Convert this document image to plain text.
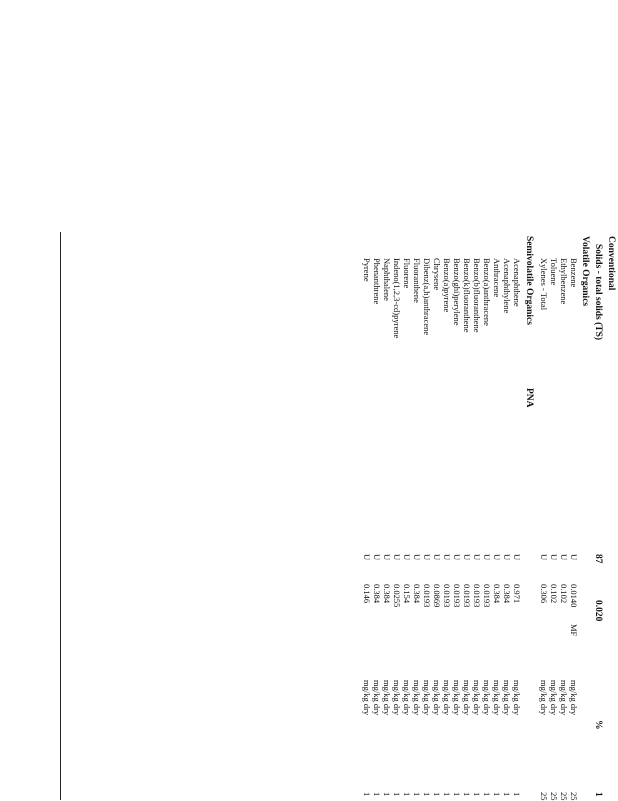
Conventional
Solids - total solids (TS)
87
0.020
%
1
Volatile Organics
Benzene
U
0.0140
mg/kg dry
25
MF
Ethylbenzene
U
0.102
mg/kg dry
25
Toluene
U
0.102
mg/kg dry
25
Xylenes - Total
U
0.306
mg/kg dry
25
Semivolatile Organics
PNA
Acenaphthene
U
0.971
mg/kg dry
1
Acenaphthylene
U
0.384
mg/kg dry
1
Anthracene
U
0.384
mg/kg dry
1
Benzo(a)anthracene
U
0.0193
mg/kg dry
1
Benzo(b)fluoranthene
U
0.0193
mg/kg dry
1
Benzo(k)fluoranthene
U
0.0193
mg/kg dry
1
Benzo(ghi)perylene
U
0.0193
mg/kg dry
1
Benzo(a)pyrene
U
0.0193
mg/kg dry
1
Chrysene
U
0.0869
mg/kg dry
1
Dibenz(a,h)anthracene
U
0.0193
mg/kg dry
1
Fluoranthene
U
0.384
mg/kg dry
1
Fluorene
U
0.154
mg/kg dry
1
Indeno(1,2,3-cd)pyrene
U
0.0255
mg/kg dry
1
Naphthalene
U
0.384
mg/kg dry
1
Phenanthrene
U
0.384
mg/kg dry
1
Pyrene
U
0.146
mg/kg dry
1
